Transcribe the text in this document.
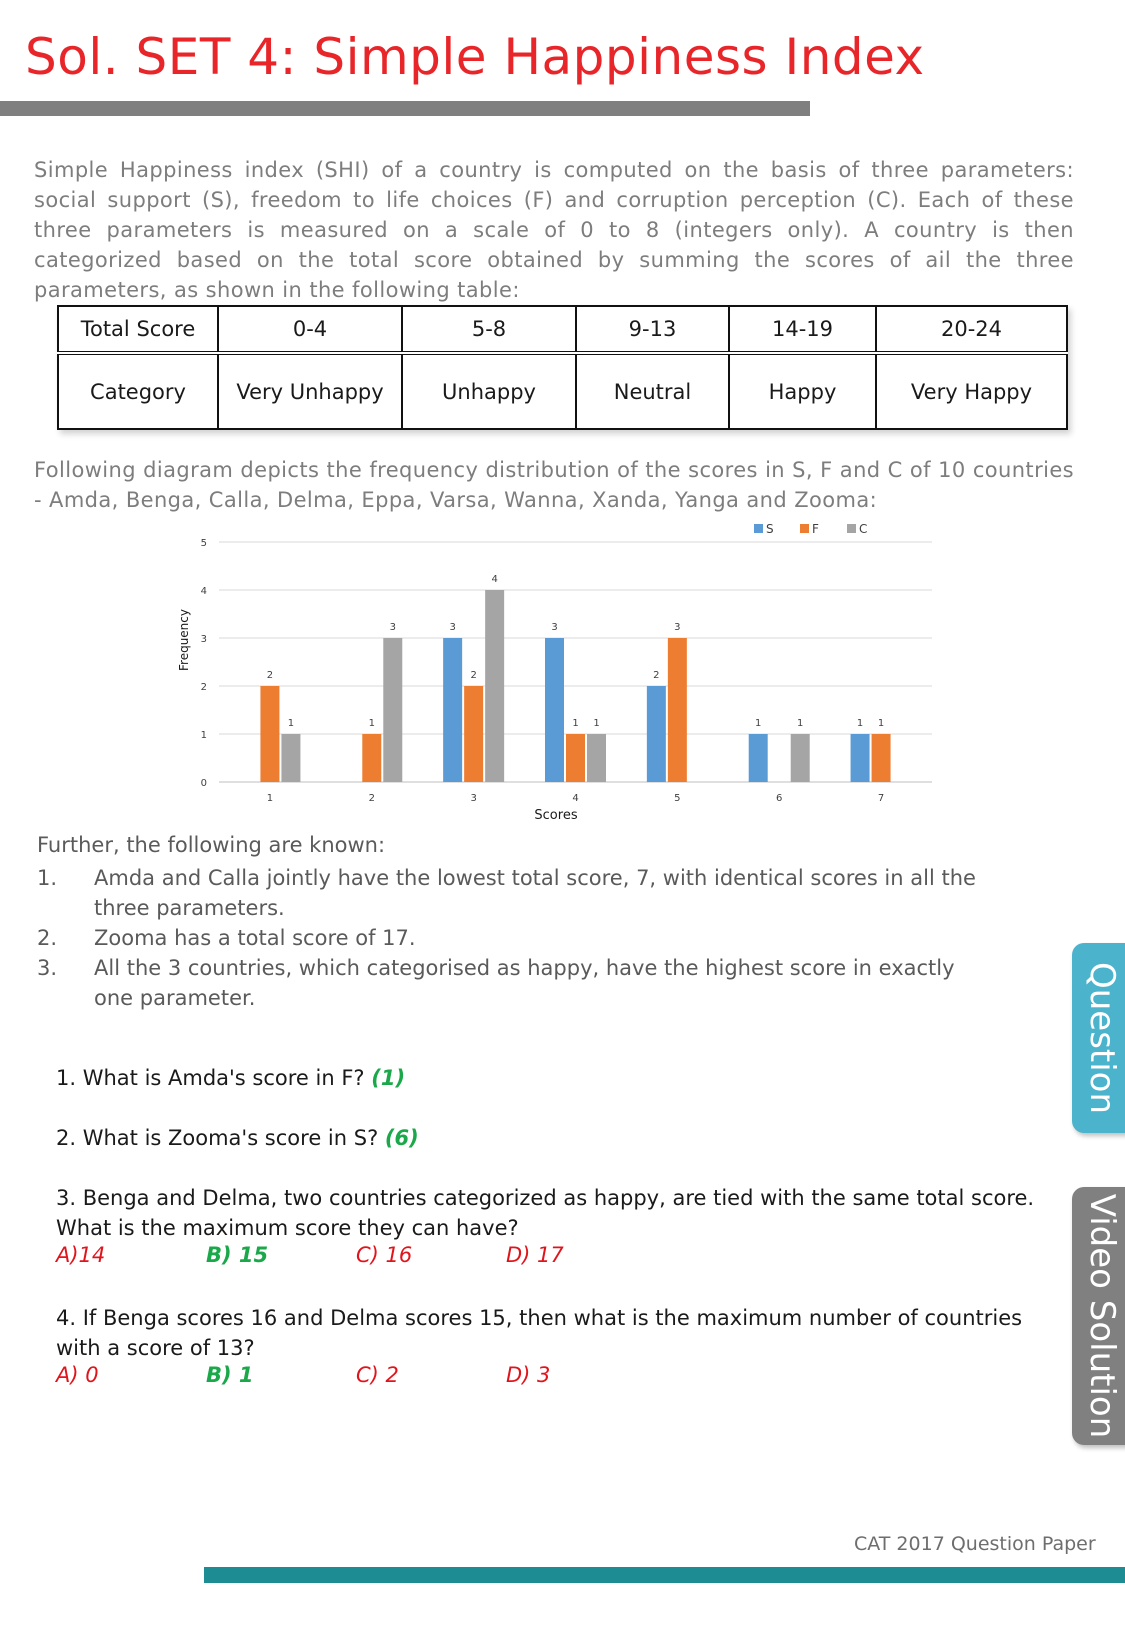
Sol. SET 4: Simple Happiness Index

Simple Happiness index (SHI) of a country is computed on the basis of three parameters: social support (S), freedom to life choices (F) and corruption perception (C). Each of these three parameters is measured on a scale of 0 to 8 (integers only). A country is then categorized based on the total score obtained by summing the scores of ail the three parameters, as shown in the following table:

Total Score	0-4	5-8	9-13	14-19	20-24
Category	Very Unhappy	Unhappy	Neutral	Happy	Very Happy

Following diagram depicts the frequency distribution of the scores in S, F and C of 10 countries - Amda, Benga, Calla, Delma, Eppa, Varsa, Wanna, Xanda, Yanga and Zooma:

0
1
2
3
4
5
2
1
1
1
3
2
3
2
4
3
3
1 1
4
2
3
5
1	1
6
1 1
7
Scores
Frequency
S	F	C

Further, the following are known:

1. Amda and Calla jointly have the lowest total score, 7, with identical scores in all the three parameters.
2. Zooma has a total score of 17.
3. All the 3 countries, which categorised as happy, have the highest score in exactly one parameter.
1. What is Amda's score in F? (1)
2. What is Zooma's score in S? (6)
3. Benga and Delma, two countries categorized as happy, are tied with the same total score. What is the maximum score they can have?
A)14	B) 15	C) 16	D) 17
4. If Benga scores 16 and Delma scores 15, then what is the maximum number of countries with a score of 13?
A) 0	B) 1	C) 2	D) 3
Question
Video Solution
CAT 2017 Question Paper
